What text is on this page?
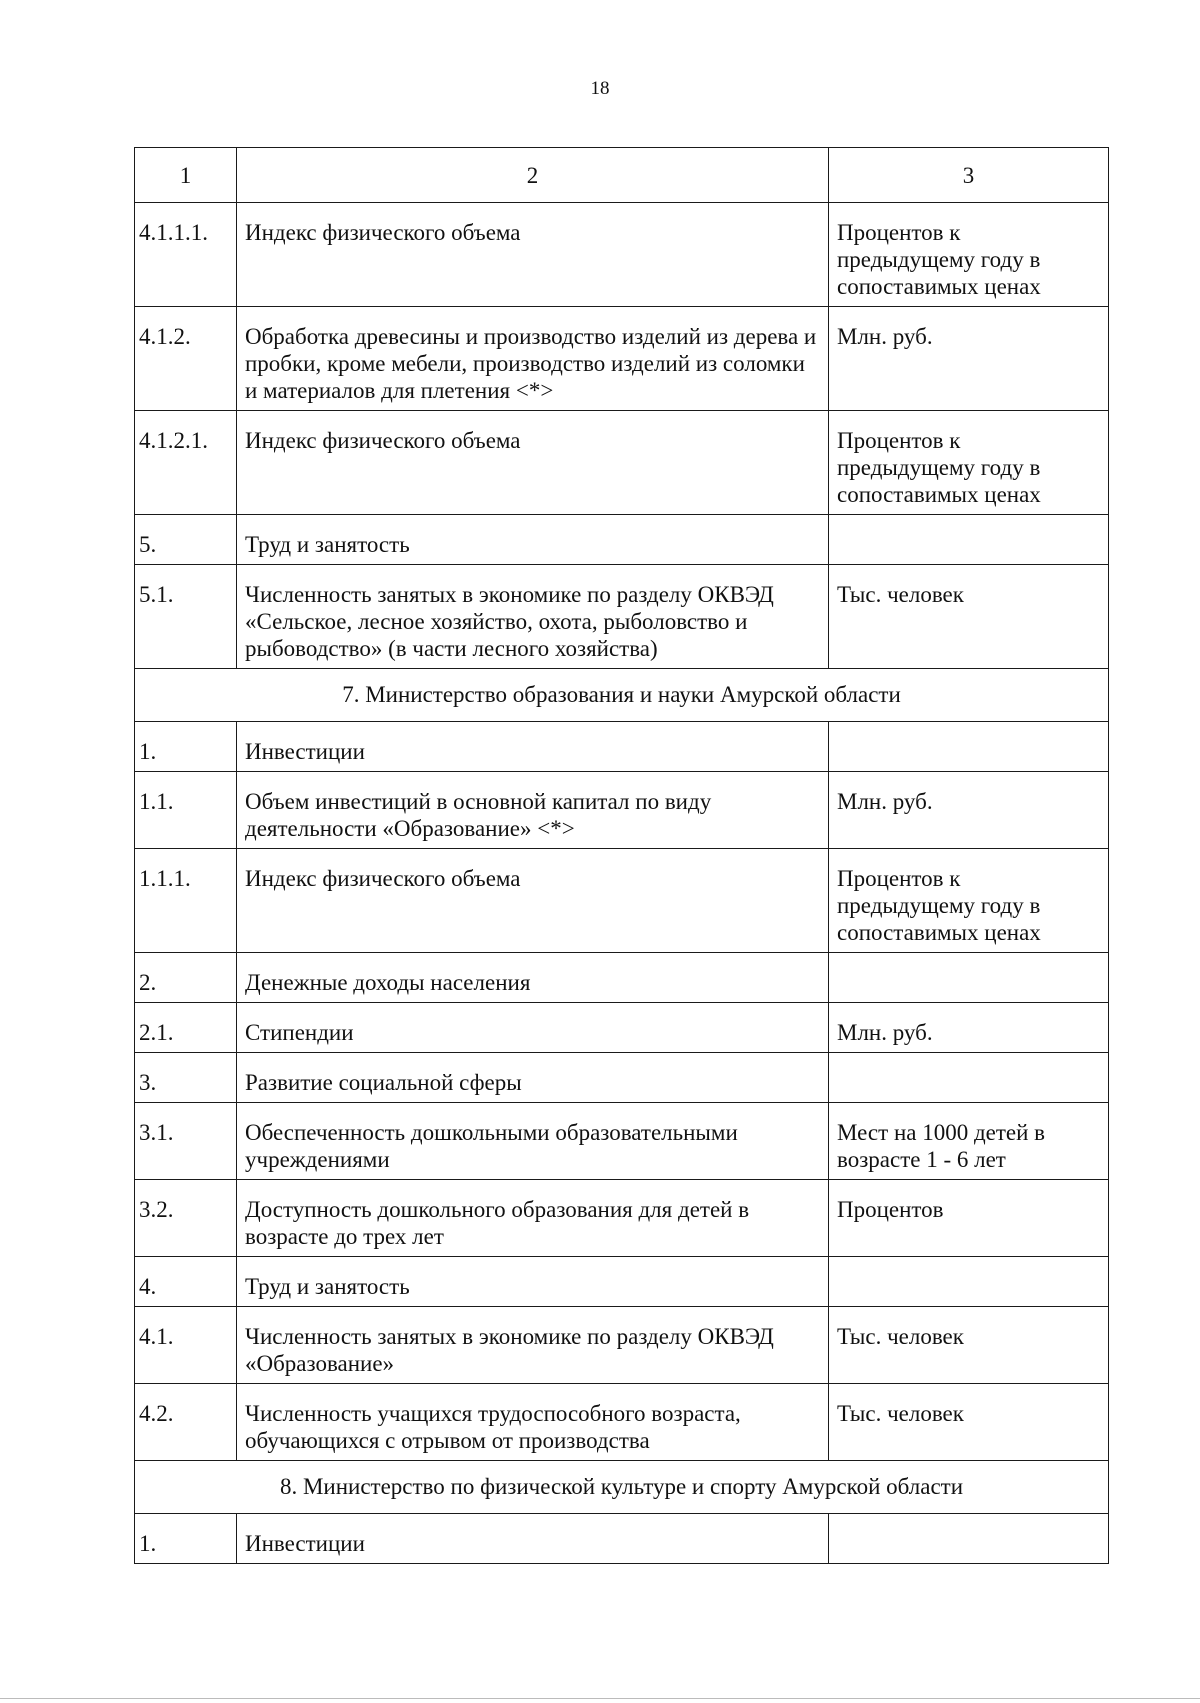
18
1	2	3
4.1.1.1.	Индекс физического объема	Процентов к предыдущему году в сопоставимых ценах
4.1.2.	Обработка древесины и производство изделий из дерева и пробки, кроме мебели, производство изделий из соломки и материалов для плетения <*>	Млн. руб.
4.1.2.1.	Индекс физического объема	Процентов к предыдущему году в сопоставимых ценах
5.	Труд и занятость	
5.1.	Численность занятых в экономике по разделу ОКВЭД «Сельское, лесное хозяйство, охота, рыболовство и рыбоводство» (в части лесного хозяйства)	Тыс. человек
7. Министерство образования и науки Амурской области		
1.	Инвестиции	
1.1.	Объем инвестиций в основной капитал по виду деятельности «Образование» <*>	Млн. руб.
1.1.1.	Индекс физического объема	Процентов к предыдущему году в сопоставимых ценах
2.	Денежные доходы населения	
2.1.	Стипендии	Млн. руб.
3.	Развитие социальной сферы	
3.1.	Обеспеченность дошкольными образовательными учреждениями	Мест на 1000 детей в возрасте 1 - 6 лет
3.2.	Доступность дошкольного образования для детей в возрасте до трех лет	Процентов
4.	Труд и занятость	
4.1.	Численность занятых в экономике по разделу ОКВЭД «Образование»	Тыс. человек
4.2.	Численность учащихся трудоспособного возраста, обучающихся с отрывом от производства	Тыс. человек
8. Министерство по физической культуре и спорту Амурской области		
1.	Инвестиции	
